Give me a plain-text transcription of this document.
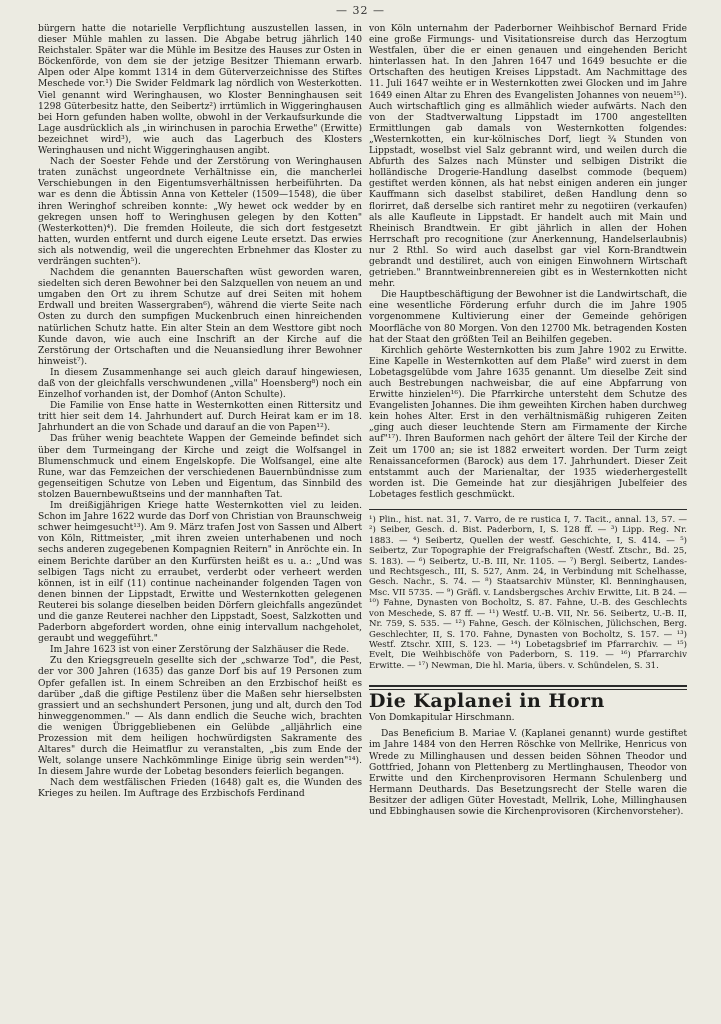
— 32 —

bürgern hatte die notarielle Verpflichtung auszustellen lassen, in dieser Mühle mahlen zu lassen. Die Abgabe betrug jährlich 140 Reichstaler. Später war die Mühle im Besitze des Hauses zur Osten in Böckenförde, von dem sie der jetzige Besitzer Thiemann erwarb. Alpen oder Alpe kommt 1314 in dem Güterverzeichnisse des Stiftes Meschede vor.¹) Die Swider Feldmark lag nördlich von Westerkotten. Viel genannt wird Weringhausen, wo Kloster Benninghausen seit 1298 Güterbesitz hatte, den Seibertz²) irrtümlich in Wiggeringhausen bei Horn gefunden haben wollte, obwohl in der Verkaufsurkunde die Lage ausdrücklich als „in wirinchusen in parochia Erwethe" (Erwitte) bezeichnet wird³), wie auch das Lagerbuch des Klosters Weringhausen und nicht Wiggeringhausen angibt.

Nach der Soester Fehde und der Zerstörung von Weringhausen traten zunächst ungeordnete Verhältnisse ein, die mancherlei Verschiebungen in den Eigentumsverhältnissen herbeiführten. Da war es denn die Äbtissin Anna von Ketteler (1509—1548), die über ihren Weringhof schreiben konnte: „Wy hewet ock wedder by en gekregen unsen hoff to Weringhusen gelegen by den Kotten" (Westerkotten)⁴). Die fremden Hoileute, die sich dort festgesetzt hatten, wurden entfernt und durch eigene Leute ersetzt. Das erwies sich als notwendig, weil die ungerechten Erbnehmer das Kloster zu verdrängen suchten⁵).

Nachdem die genannten Bauerschaften wüst geworden waren, siedelten sich deren Bewohner bei den Salzquellen von neuem an und umgaben den Ort zu ihrem Schutze auf drei Seiten mit hohem Erdwall und breiten Wassergraben⁶), während die vierte Seite nach Osten zu durch den sumpfigen Muckenbruch einen hinreichenden natürlichen Schutz hatte. Ein alter Stein an dem Westtore gibt noch Kunde davon, wie auch eine Inschrift an der Kirche auf die Zerstörung der Ortschaften und die Neuansiedlung ihrer Bewohner hinweist⁷).

In diesem Zusammenhange sei auch gleich darauf hingewiesen, daß von der gleichfalls verschwundenen „villa" Hoensberg⁸) noch ein Einzelhof vorhanden ist, der Domhof (Anton Schulte).

Die Familie von Ense hatte in Westernkotten einen Rittersitz und tritt hier seit dem 14. Jahrhundert auf. Durch Heirat kam er im 18. Jahrhundert an die von Schade und darauf an die von Papen¹²).

Das früher wenig beachtete Wappen der Gemeinde befindet sich über dem Turmeingang der Kirche und zeigt die Wolfsangel in Blumenschmuck und einem Engelskopfe. Die Wolfsangel, eine alte Rune, war das Femzeichen der verschiedenen Bauernbündnisse zum gegenseitigen Schutze von Leben und Eigentum, das Sinnbild des stolzen Bauernbewußtseins und der mannhaften Tat.

Im dreißigjährigen Kriege hatte Westernkotten viel zu leiden. Schon im Jahre 1622 wurde das Dorf von Christian von Braunschweig schwer heimgesucht¹³). Am 9. März trafen Jost von Sassen und Albert von Köln, Rittmeister, „mit ihren zweien unterhabenen und noch sechs anderen zugegebenen Kompagnien Reitern" in Anröchte ein. In einem Berichte darüber an den Kurfürsten heißt es u. a.: „Und was selbigen Tags nicht zu erraubet, verderbt oder verheert werden können, ist in eilf (11) continue nacheinander folgenden Tagen von denen binnen der Lippstadt, Erwitte und Westernkotten gelegenen Reuterei bis solange dieselben beiden Dörfern gleichfalls angezündet und die ganze Reuterei nachher den Lippstadt, Soest, Salzkotten und Paderborn abgefordert worden, ohne einig intervallum nachgeholet, geraubt und weggeführt."

Im Jahre 1623 ist von einer Zerstörung der Salzhäuser die Rede.

Zu den Kriegsgreueln gesellte sich der „schwarze Tod", die Pest, der vor 300 Jahren (1635) das ganze Dorf bis auf 19 Personen zum Opfer gefallen ist. In einem Schreiben an den Erzbischof heißt es darüber „daß die giftige Pestilenz über die Maßen sehr hierselbsten grassiert und an sechshundert Personen, jung und alt, durch den Tod hinweggenommen." — Als dann endlich die Seuche wich, brachten die wenigen Übriggebliebenen ein Gelübde „alljährlich eine Prozession mit dem heiligen hochwürdigsten Sakramente des Altares" durch die Heimatflur zu veranstalten, „bis zum Ende der Welt, solange unsere Nachkömmlinge Einige übrig sein werden"¹⁴). In diesem Jahre wurde der Lobetag besonders feierlich begangen.

Nach dem westfälischen Frieden (1648) galt es, die Wunden des Krieges zu heilen. Im Auftrage des Erzbischofs Ferdinand

von Köln unternahm der Paderborner Weihbischof Bernard Fride eine große Firmungs- und Visitationsreise durch das Herzogtum Westfalen, über die er einen genauen und eingehenden Bericht hinterlassen hat. In den Jahren 1647 und 1649 besuchte er die Ortschaften des heutigen Kreises Lippstadt. Am Nachmittage des 11. Juli 1647 weihte er in Westernkotten zwei Glocken und im Jahre 1649 einen Altar zu Ehren des Evangelisten Johannes von neuem¹⁵). Auch wirtschaftlich ging es allmählich wieder aufwärts. Nach den von der Stadtverwaltung Lippstadt im 1700 angestellten Ermittlungen gab damals von Westernkotten folgendes: „Westernkotten, ein kur-kölnisches Dorf, liegt ¾ Stunden von Lippstadt, woselbst viel Salz gebrannt wird, und weilen durch die Abfurth des Salzes nach Münster und selbigen Distrikt die holländische Drogerie-Handlung daselbst commode (bequem) gestiftet werden können, als hat nebst einigen anderen ein junger Kauffmann sich daselbst stabiliret, deßen Handlung denn so florirret, daß derselbe sich rantiret mehr zu negotiiren (verkaufen) als alle Kaufleute in Lippstadt. Er handelt auch mit Main und Rheinisch Brandtwein. Er gibt jährlich in allen der Hohen Herrschaft pro recognitione (zur Anerkennung, Handelserlaubnis) nur 2 Rthl. So wird auch daselbst gar viel Korn-Brandtwein gebrandt und destiliret, auch von einigen Einwohnern Wirtschaft getrieben." Branntweinbrennereien gibt es in Westernkotten nicht mehr.

Die Hauptbeschäftigung der Bewohner ist die Landwirtschaft, die eine wesentliche Förderung erfuhr durch die im Jahre 1905 vorgenommene Kultivierung einer der Gemeinde gehörigen Moorfläche von 80 Morgen. Von den 12700 Mk. betragenden Kosten hat der Staat den größten Teil an Beihilfen gegeben.

Kirchlich gehörte Westernkotten bis zum Jahre 1902 zu Erwitte. Eine Kapelle in Westernkotten auf dem Plaße" wird zuerst in dem Lobetagsgelübde vom Jahre 1635 genannt. Um dieselbe Zeit sind auch Bestrebungen nachweisbar, die auf eine Abpfarrung von Erwitte hinzielen¹⁶). Die Pfarrkirche untersteht dem Schutze des Evangelisten Johannes. Die ihm geweihten Kirchen haben durchweg kein hohes Alter. Erst in den verhältnismäßig ruhigeren Zeiten „ging auch dieser leuchtende Stern am Firmamente der Kirche auf"¹⁷). Ihren Bauformen nach gehört der ältere Teil der Kirche der Zeit um 1700 an; sie ist 1882 erweitert worden. Der Turm zeigt Renaissanceformen (Barock) aus dem 17. Jahrhundert. Dieser Zeit entstammt auch der Marienaltar, der 1935 wiederhergestellt worden ist. Die Gemeinde hat zur diesjährigen Jubelfeier des Lobetages festlich geschmückt.

¹) Plin., hist. nat. 31, 7. Varro, de re rustica I, 7. Tacit., annal. 13, 57. — ²) Seiber, Gesch. d. Bist. Paderborn, I, S. 128 ff. — ³) Lipp. Reg. Nr. 1883. — ⁴) Seibertz, Quellen der westf. Geschichte, I, S. 414. — ⁵) Seibertz, Zur Topographie der Freigrafschaften (Westf. Ztschr., Bd. 25, S. 183). — ⁶) Seibertz, U.-B. III, Nr. 1105. — ⁷) Bergl. Seibertz, Landes- und Rechtsgesch., III, S. 527, Anm. 24, in Verbindung mit Schelhasse, Gesch. Nachr., S. 74. — ⁸) Staatsarchiv Münster, Kl. Benninghausen, Msc. VII 5735. — ⁹) Gräfl. v. Landsbergsches Archiv Erwitte, Lit. B 24. — ¹⁰) Fahne, Dynasten von Bocholtz, S. 87. Fahne, U.-B. des Geschlechts von Meschede, S. 87 ff. — ¹¹) Westf. U.-B. VII, Nr. 56. Seibertz, U.-B. II, Nr. 759, S. 535. — ¹²) Fahne, Gesch. der Kölnischen, Jülichschen, Berg. Geschlechter, II, S. 170. Fahne, Dynasten von Bocholtz, S. 157. — ¹³) Westf. Ztschr. XIII, S. 123. — ¹⁴) Lobetagsbrief im Pfarrarchiv. — ¹⁵) Evelt, Die Weihbischöfe von Paderborn, S. 119. — ¹⁶) Pfarrarchiv Erwitte. — ¹⁷) Newman, Die hl. Maria, übers. v. Schündelen, S. 31.

Die Kaplanei in Horn
Von Domkapitular Hirschmann.

Das Beneficium B. Mariae V. (Kaplanei genannt) wurde gestiftet im Jahre 1484 von den Herren Röschke von Mellrike, Henricus von Wrede zu Millinghausen und dessen beiden Söhnen Theodor und Gottfried, Johann von Plettenberg zu Mertlinghausen, Theodor von Erwitte und den Kirchenprovisoren Hermann Schulenberg und Hermann Deuthards. Das Besetzungsrecht der Stelle waren die Besitzer der adligen Güter Hovestadt, Mellrik, Lohe, Millinghausen und Ebbinghausen sowie die Kirchenprovisoren (Kirchenvorsteher).
